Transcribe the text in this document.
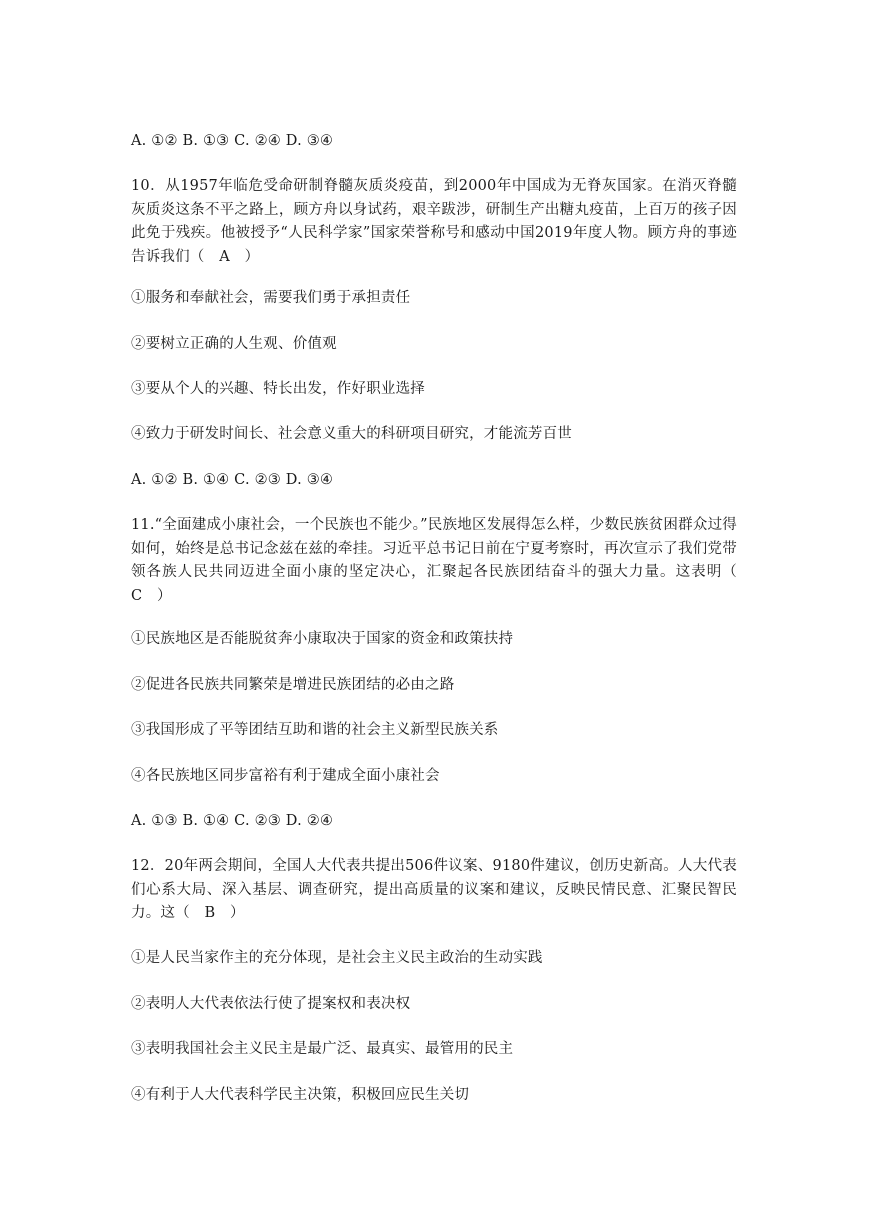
A. ①② B. ①③ C. ②④ D. ③④
10．从1957年临危受命研制脊髓灰质炎疫苗，到2000年中国成为无脊灰国家。在消灭脊髓灰质炎这条不平之路上，顾方舟以身试药，艰辛跋涉，研制生产出糖丸疫苗，上百万的孩子因此免于残疾。他被授予“人民科学家”国家荣誉称号和感动中国2019年度人物。顾方舟的事迹告诉我们（　A　）
①服务和奉献社会，需要我们勇于承担责任
②要树立正确的人生观、价值观
③要从个人的兴趣、特长出发，作好职业选择
④致力于研发时间长、社会意义重大的科研项目研究，才能流芳百世
A. ①② B. ①④ C. ②③ D. ③④
11.“全面建成小康社会，一个民族也不能少。”民族地区发展得怎么样，少数民族贫困群众过得如何，始终是总书记念兹在兹的牵挂。习近平总书记日前在宁夏考察时，再次宣示了我们党带领各族人民共同迈进全面小康的坚定决心，汇聚起各民族团结奋斗的强大力量。这表明（　C　）
①民族地区是否能脱贫奔小康取决于国家的资金和政策扶持
②促进各民族共同繁荣是增进民族团结的必由之路
③我国形成了平等团结互助和谐的社会主义新型民族关系
④各民族地区同步富裕有利于建成全面小康社会
A. ①③ B. ①④ C. ②③ D. ②④
12．20年两会期间，全国人大代表共提出506件议案、9180件建议，创历史新高。人大代表们心系大局、深入基层、调查研究，提出高质量的议案和建议，反映民情民意、汇聚民智民力。这（　B　）
①是人民当家作主的充分体现，是社会主义民主政治的生动实践
②表明人大代表依法行使了提案权和表决权
③表明我国社会主义民主是最广泛、最真实、最管用的民主
④有利于人大代表科学民主决策，积极回应民生关切
